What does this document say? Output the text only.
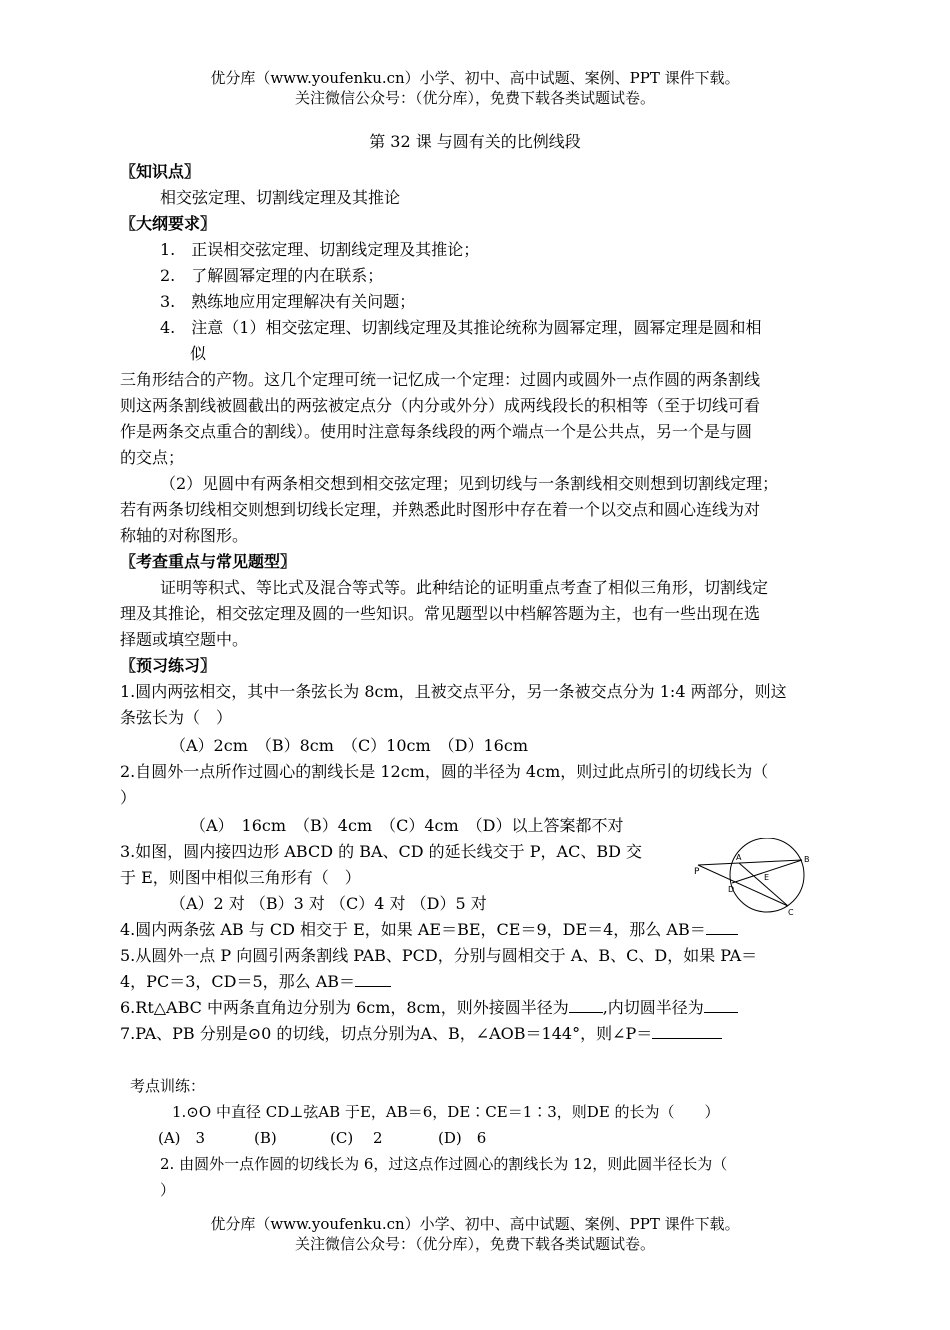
优分库（www.youfenku.cn）小学、初中、高中试题、案例、PPT 课件下载。
关注微信公众号：（优分库），免费下载各类试题试卷。
第 32 课 与圆有关的比例线段
〖知识点〗
相交弦定理、切割线定理及其推论
〖大纲要求〗
1.　 正误相交弦定理、切割线定理及其推论；
2.　 了解圆幂定理的内在联系；
3.　 熟练地应用定理解决有关问题；
4.　 注意（1）相交弦定理、切割线定理及其推论统称为圆幂定理，圆幂定理是圆和相
似
三角形结合的产物。这几个定理可统一记忆成一个定理：过圆内或圆外一点作圆的两条割线
则这两条割线被圆截出的两弦被定点分（内分或外分）成两线段长的积相等（至于切线可看
作是两条交点重合的割线）。使用时注意每条线段的两个端点一个是公共点，另一个是与圆
的交点；
（2）见圆中有两条相交想到相交弦定理；见到切线与一条割线相交则想到切割线定理；
若有两条切线相交则想到切线长定理，并熟悉此时图形中存在着一个以交点和圆心连线为对
称轴的对称图形。
〖考查重点与常见题型〗
证明等积式、等比式及混合等式等。此种结论的证明重点考查了相似三角形，切割线定
理及其推论，相交弦定理及圆的一些知识。常见题型以中档解答题为主，也有一些出现在选
择题或填空题中。
〖预习练习〗
1.圆内两弦相交，其中一条弦长为 8cm，且被交点平分，另一条被交点分为 1:4 两部分，则这
条弦长为（　）
（A）2cm　（B）8cm　（C）10cm　（D）16cm
2.自圆外一点所作过圆心的割线长是 12cm，圆的半径为 4cm，则过此点所引的切线长为（
）
（A）　16cm　（B）4cm　（C）4cm　（D）以上答案都不对
3.如图，圆内接四边形 ABCD 的 BA、CD 的延长线交于 P，AC、BD 交
于 E，则图中相似三角形有（　）
（A）2 对 （B）3 对 （C）4 对 （D）5 对
P
A	B
D
E
C
4.圆内两条弦 AB 与 CD 相交于 E，如果 AE＝BE，CE＝9，DE＝4，那么 AB＝
5.从圆外一点 P 向圆引两条割线 PAB、PCD，分别与圆相交于 A、B、C、D，如果 PA＝
4，PC＝3，CD＝5，那么 AB＝
6.Rt△ABC 中两条直角边分别为 6cm，8cm，则外接圆半径为 ,内切圆半径为
7.PA、PB 分别是⊙0 的切线，切点分别为A、B，∠AOB＝144°，则∠P＝
考点训练：
1.⊙O 中直径 CD⊥弦AB 于E，AB＝6，DE∶CE＝1∶3，则DE 的长为（　　）
(A)　3	(B)	(C)　 2	(D)　6
2. 由圆外一点作圆的切线长为 6，过这点作过圆心的割线长为 12，则此圆半径长为（
）
优分库（www.youfenku.cn）小学、初中、高中试题、案例、PPT 课件下载。
关注微信公众号：（优分库），免费下载各类试题试卷。
